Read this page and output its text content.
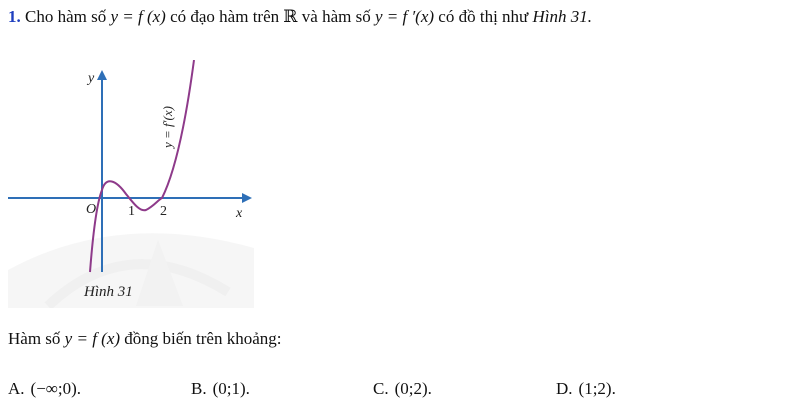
1. Cho hàm số y = f (x) có đạo hàm trên ℝ và hàm số y = f ′(x) có đồ thị như Hình 31.
y
x
O 1 2
y = f′(x)
Hình 31
Hàm số y = f (x) đồng biến trên khoảng:
A. (−∞;0).	B. (0;1).	C. (0;2).	D. (1;2).
